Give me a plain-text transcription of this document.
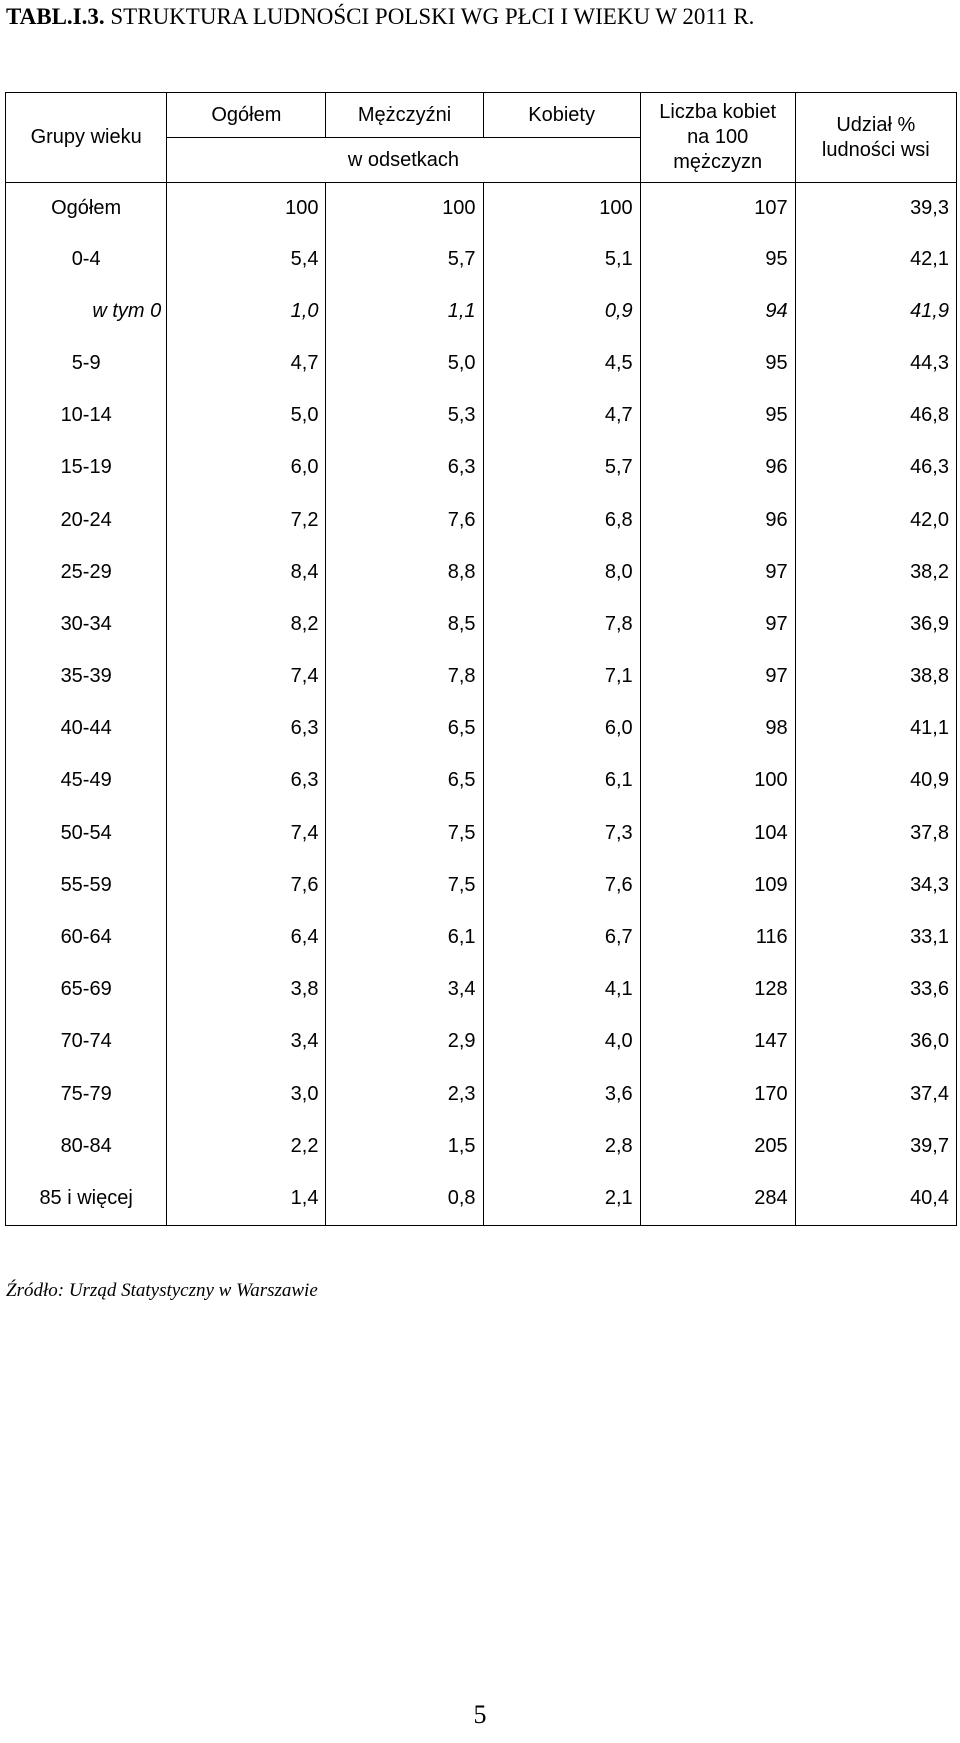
TABL.I.3. STRUKTURA LUDNOŚCI POLSKI WG PŁCI I WIEKU W 2011 R.
Grupy wieku	Ogółem	Mężczyźni	Kobiety	Liczba kobiet na 100 mężczyzn	Udział % ludności wsi
	w odsetkach				
Ogółem	100	100	100	107	39,3
0-4	5,4	5,7	5,1	95	42,1
w tym 0	1,0	1,1	0,9	94	41,9
5-9	4,7	5,0	4,5	95	44,3
10-14	5,0	5,3	4,7	95	46,8
15-19	6,0	6,3	5,7	96	46,3
20-24	7,2	7,6	6,8	96	42,0
25-29	8,4	8,8	8,0	97	38,2
30-34	8,2	8,5	7,8	97	36,9
35-39	7,4	7,8	7,1	97	38,8
40-44	6,3	6,5	6,0	98	41,1
45-49	6,3	6,5	6,1	100	40,9
50-54	7,4	7,5	7,3	104	37,8
55-59	7,6	7,5	7,6	109	34,3
60-64	6,4	6,1	6,7	116	33,1
65-69	3,8	3,4	4,1	128	33,6
70-74	3,4	2,9	4,0	147	36,0
75-79	3,0	2,3	3,6	170	37,4
80-84	2,2	1,5	2,8	205	39,7
85 i więcej	1,4	0,8	2,1	284	40,4
Źródło: Urząd Statystyczny w Warszawie
5
